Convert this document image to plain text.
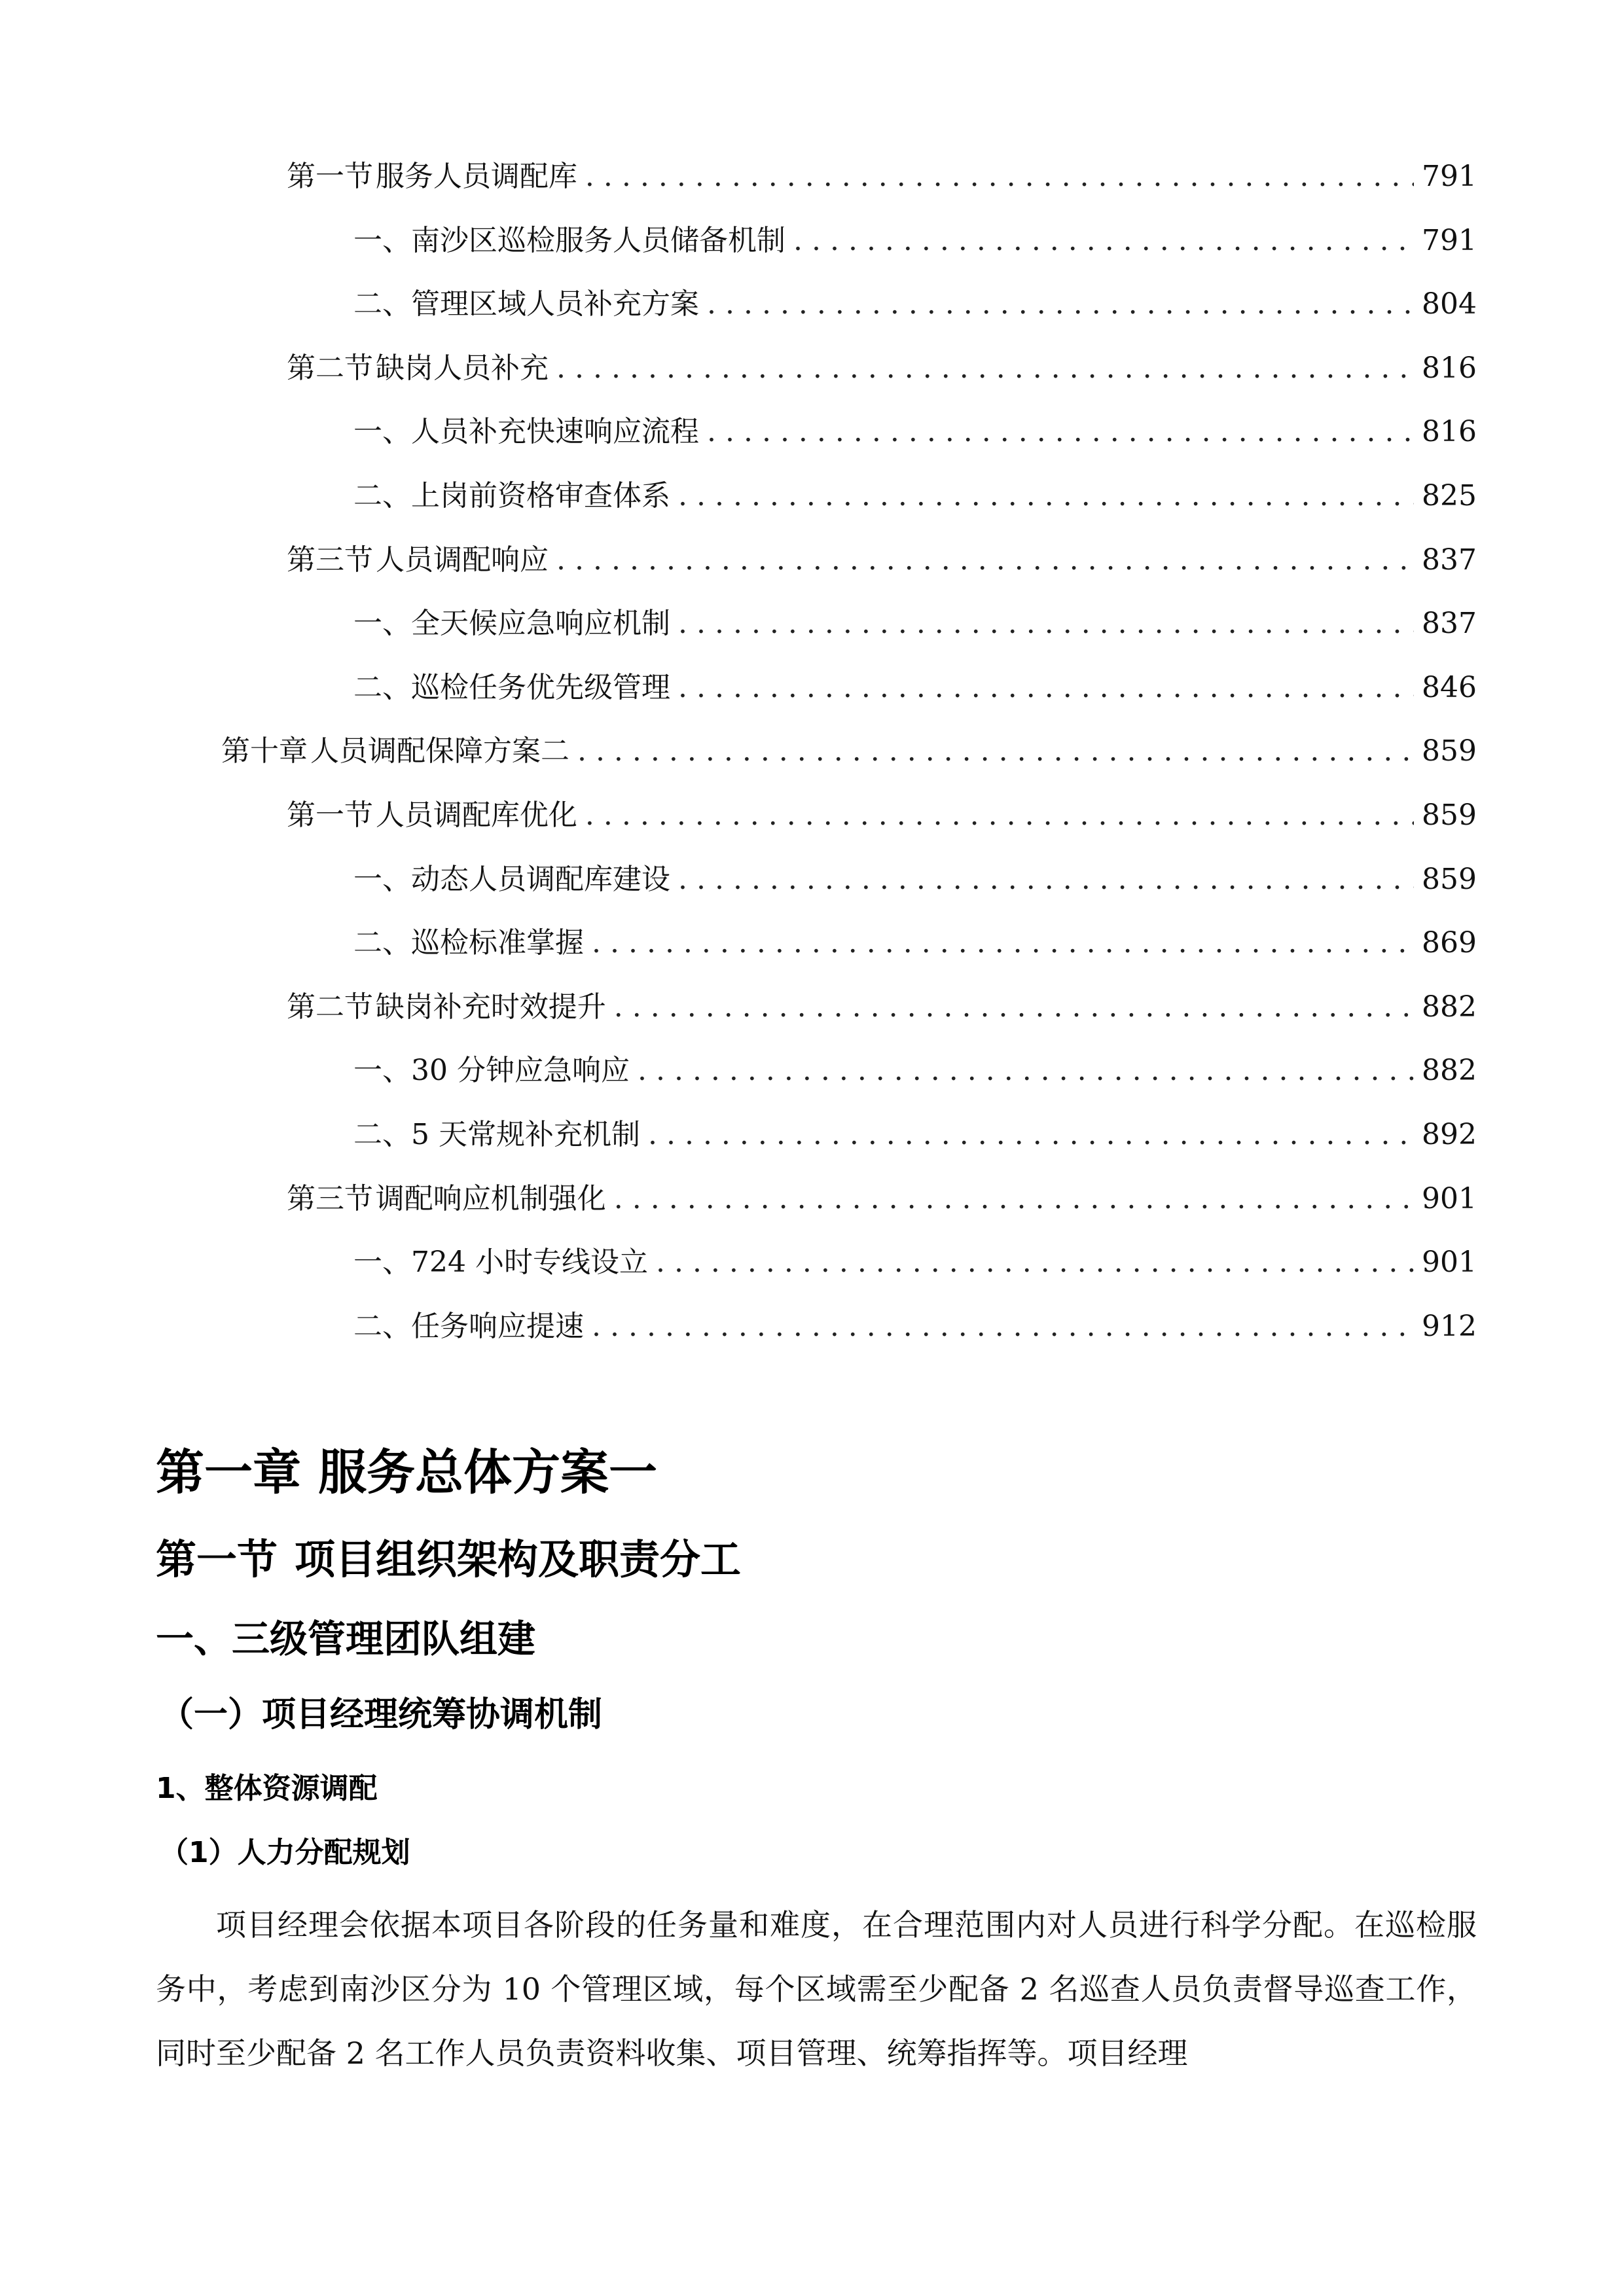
第一节 服务人员调配库 .....	791
一、 南沙区巡检服务人员储备机制 .....	791
二、 管理区域人员补充方案 .....	804
第二节 缺岗人员补充 .....	816
一、 人员补充快速响应流程 .....	816
二、 上岗前资格审查体系 .....	825
第三节 人员调配响应 .....	837
一、 全天候应急响应机制 .....	837
二、 巡检任务优先级管理 .....	846
第十章 人员调配保障方案二 .....	859
第一节 人员调配库优化 .....	859
一、 动态人员调配库建设 .....	859
二、 巡检标准掌握 .....	869
第二节 缺岗补充时效提升 .....	882
一、 30 分钟应急响应 .....	882
二、 5 天常规补充机制 .....	892
第三节 调配响应机制强化 .....	901
一、 724 小时专线设立 .....	901
二、 任务响应提速 .....	912
第一章 服务总体方案一
第一节 项目组织架构及职责分工
一、三级管理团队组建
（一）项目经理统筹协调机制
1、整体资源调配
（1）人力分配规划
项目经理会依据本项目各阶段的任务量和难度，在合理范围内对人员进行科学分配。在巡检服务中，考虑到南沙区分为 10 个管理区域，每个区域需至少配备 2 名巡查人员负责督导巡查工作，同时至少配备 2 名工作人员负责资料收集、项目管理、统筹指挥等。项目经理
